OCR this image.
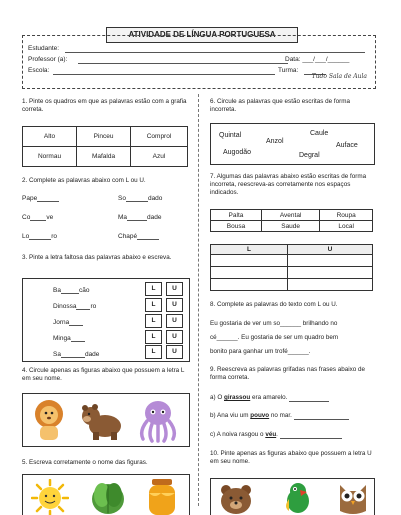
ATIVIDADE DE LÍNGUA PORTUGUESA
Estudante:
Professor (a):	Data: ___/___/______
Escola:	Turma:
Tudo Sala de Aula
1. Pinte os quadros em que as palavras estão com a grafia correta.
Alto	Pinceu	Comprol
Normau	Mafalda	Azul
2. Complete as palavras abaixo com L ou U.
Pape	So	dado
Co ve	Ma	dade
Lo	ro	Chapé
3. Pinte a letra faltosa das palavras abaixo e escreva.
Ba	cão
Dinossa ro
Jorna
Minga
Sa	dade
L	U
L	U
L	U
L	U
L	U
4. Circule apenas as figuras abaixo que possuem a letra L em seu nome.
5. Escreva corretamente o nome das figuras.
6. Circule as palavras que estão escritas de forma incorreta.
Quintal
Anzol
Caule
Auface
Augodão	Degral
7. Algumas das palavras abaixo estão escritas de forma incorreta, reescreva-as corretamente nos espaços indicados.
Palta	Avental	Roupa
Bousa	Saude	Local
L	U

8. Complete as palavras do texto com L ou U.
Eu gostaria de ver um so______ brilhando no
cé______. Eu gostaria de ser um quadro bem
bonito para ganhar um trofé______.
9. Reescreva as palavras grifadas nas frases abaixo de forma correta.
a) O girassou era amarelo.
b) Ana viu um pouvo no mar.
c) A noiva rasgou o véu.
10. Pinte apenas as figuras abaixo que possuem a letra U em seu nome.
